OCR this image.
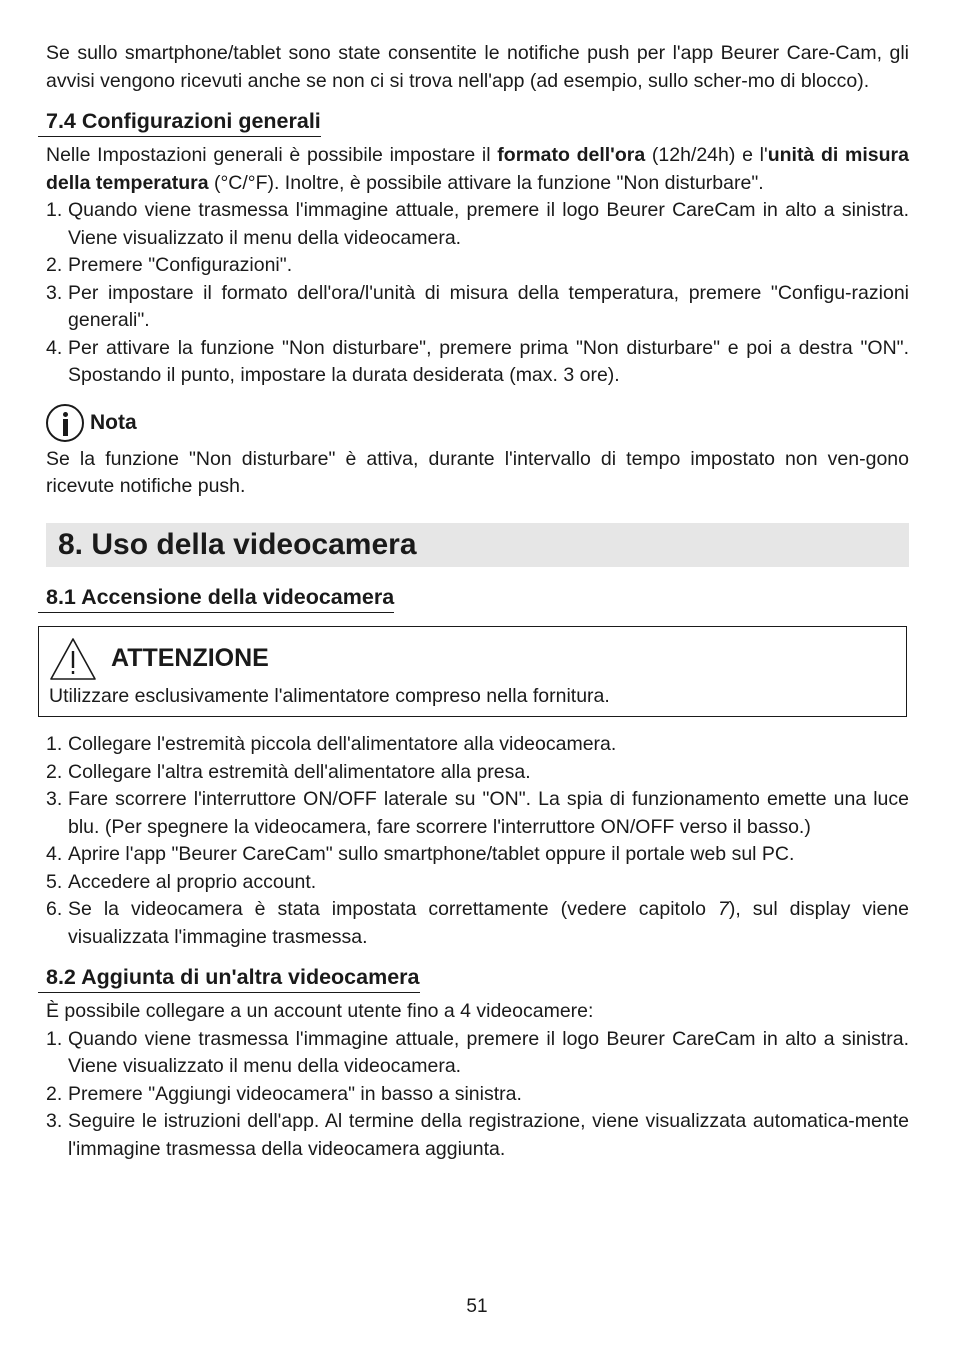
Se sullo smartphone/tablet sono state consentite le notifiche push per l'app Beurer Care-Cam, gli avvisi vengono ricevuti anche se non ci si trova nell'app (ad esempio, sullo scher-mo di blocco).

7.4 Configurazioni generali

Nelle Impostazioni generali è possibile impostare il formato dell'ora (12h/24h) e l'unità di misura della temperatura (°C/°F). Inoltre, è possibile attivare la funzione "Non disturbare".

1. Quando viene trasmessa l'immagine attuale, premere il logo Beurer CareCam in alto a sinistra. Viene visualizzato il menu della videocamera.
2. Premere "Configurazioni".
3. Per impostare il formato dell'ora/l'unità di misura della temperatura, premere "Configu-razioni generali".
4. Per attivare la funzione "Non disturbare", premere prima "Non disturbare" e poi a destra "ON". Spostando il punto, impostare la durata desiderata (max. 3 ore).
Nota

Se la funzione "Non disturbare" è attiva, durante l'intervallo di tempo impostato non ven-gono ricevute notifiche push.

8. Uso della videocamera
8.1 Accensione della videocamera
ATTENZIONE

Utilizzare esclusivamente l'alimentatore compreso nella fornitura.

1. Collegare l'estremità piccola dell'alimentatore alla videocamera.
2. Collegare l'altra estremità dell'alimentatore alla presa.
3. Fare scorrere l'interruttore ON/OFF laterale su "ON". La spia di funzionamento emette una luce blu. (Per spegnere la videocamera, fare scorrere l'interruttore ON/OFF verso il basso.)
4. Aprire l'app "Beurer CareCam" sullo smartphone/tablet oppure il portale web sul PC.
5. Accedere al proprio account.
6. Se la videocamera è stata impostata correttamente (vedere capitolo 7), sul display viene visualizzata l'immagine trasmessa.
8.2 Aggiunta di un'altra videocamera

È possibile collegare a un account utente fino a 4 videocamere:

1. Quando viene trasmessa l'immagine attuale, premere il logo Beurer CareCam in alto a sinistra. Viene visualizzato il menu della videocamera.
2. Premere "Aggiungi videocamera" in basso a sinistra.
3. Seguire le istruzioni dell'app. Al termine della registrazione, viene visualizzata automatica-mente l'immagine trasmessa della videocamera aggiunta.
51
